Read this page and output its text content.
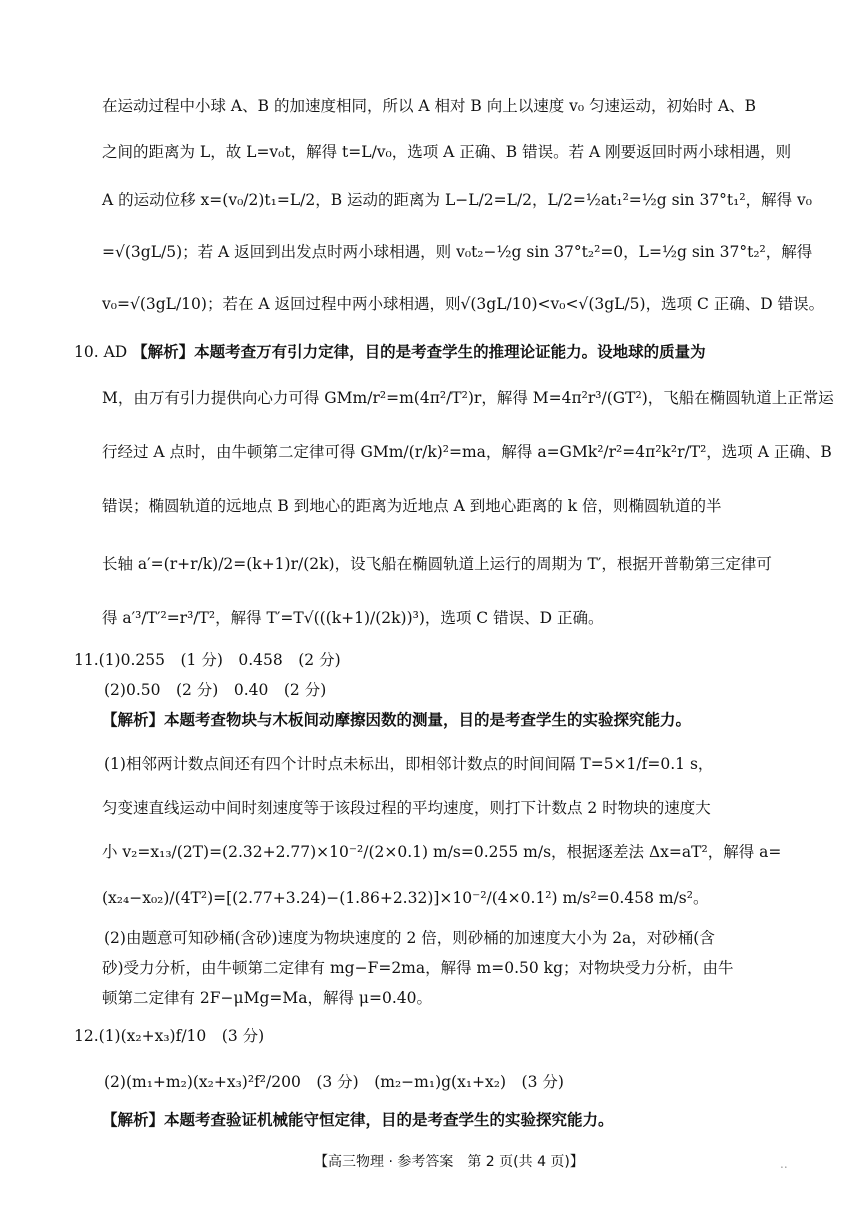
在运动过程中小球 A、B 的加速度相同，所以 A 相对 B 向上以速度 v₀ 匀速运动，初始时 A、B
之间的距离为 L，故 L=v₀t，解得 t=L/v₀，选项 A 正确、B 错误。若 A 刚要返回时两小球相遇，则
A 的运动位移 x=(v₀/2)t₁=L/2，B 运动的距离为 L−L/2=L/2，L/2=½at₁²=½g sin 37°t₁²，解得 v₀
=√(3gL/5)；若 A 返回到出发点时两小球相遇，则 v₀t₂−½g sin 37°t₂²=0，L=½g sin 37°t₂²，解得
v₀=√(3gL/10)；若在 A 返回过程中两小球相遇，则√(3gL/10)<v₀<√(3gL/5)，选项 C 正确、D 错误。
10. AD 【解析】本题考查万有引力定律，目的是考查学生的推理论证能力。设地球的质量为
M，由万有引力提供向心力可得 GMm/r²=m(4π²/T²)r，解得 M=4π²r³/(GT²)，飞船在椭圆轨道上正常运
行经过 A 点时，由牛顿第二定律可得 GMm/(r/k)²=ma，解得 a=GMk²/r²=4π²k²r/T²，选项 A 正确、B
错误；椭圆轨道的远地点 B 到地心的距离为近地点 A 到地心距离的 k 倍，则椭圆轨道的半
长轴 a′=(r+r/k)/2=(k+1)r/(2k)，设飞船在椭圆轨道上运行的周期为 T′，根据开普勒第三定律可
得 a′³/T′²=r³/T²，解得 T′=T√(((k+1)/(2k))³)，选项 C 错误、D 正确。
11.(1)0.255　(1 分)　0.458　(2 分)
(2)0.50　(2 分)　0.40　(2 分)
【解析】本题考查物块与木板间动摩擦因数的测量，目的是考查学生的实验探究能力。
(1)相邻两计数点间还有四个计时点未标出，即相邻计数点的时间间隔 T=5×1/f=0.1 s，
匀变速直线运动中间时刻速度等于该段过程的平均速度，则打下计数点 2 时物块的速度大
小 v₂=x₁₃/(2T)=(2.32+2.77)×10⁻²/(2×0.1) m/s=0.255 m/s，根据逐差法 Δx=aT²，解得 a=
(x₂₄−x₀₂)/(4T²)=[(2.77+3.24)−(1.86+2.32)]×10⁻²/(4×0.1²) m/s²=0.458 m/s²。
(2)由题意可知砂桶(含砂)速度为物块速度的 2 倍，则砂桶的加速度大小为 2a，对砂桶(含
砂)受力分析，由牛顿第二定律有 mg−F=2ma，解得 m=0.50 kg；对物块受力分析，由牛
顿第二定律有 2F−μMg=Ma，解得 μ=0.40。
12.(1)(x₂+x₃)f/10　(3 分)
(2)(m₁+m₂)(x₂+x₃)²f²/200　(3 分)　(m₂−m₁)g(x₁+x₂)　(3 分)
【解析】本题考查验证机械能守恒定律，目的是考查学生的实验探究能力。
【高三物理 · 参考答案　第 2 页(共 4 页)】	..
